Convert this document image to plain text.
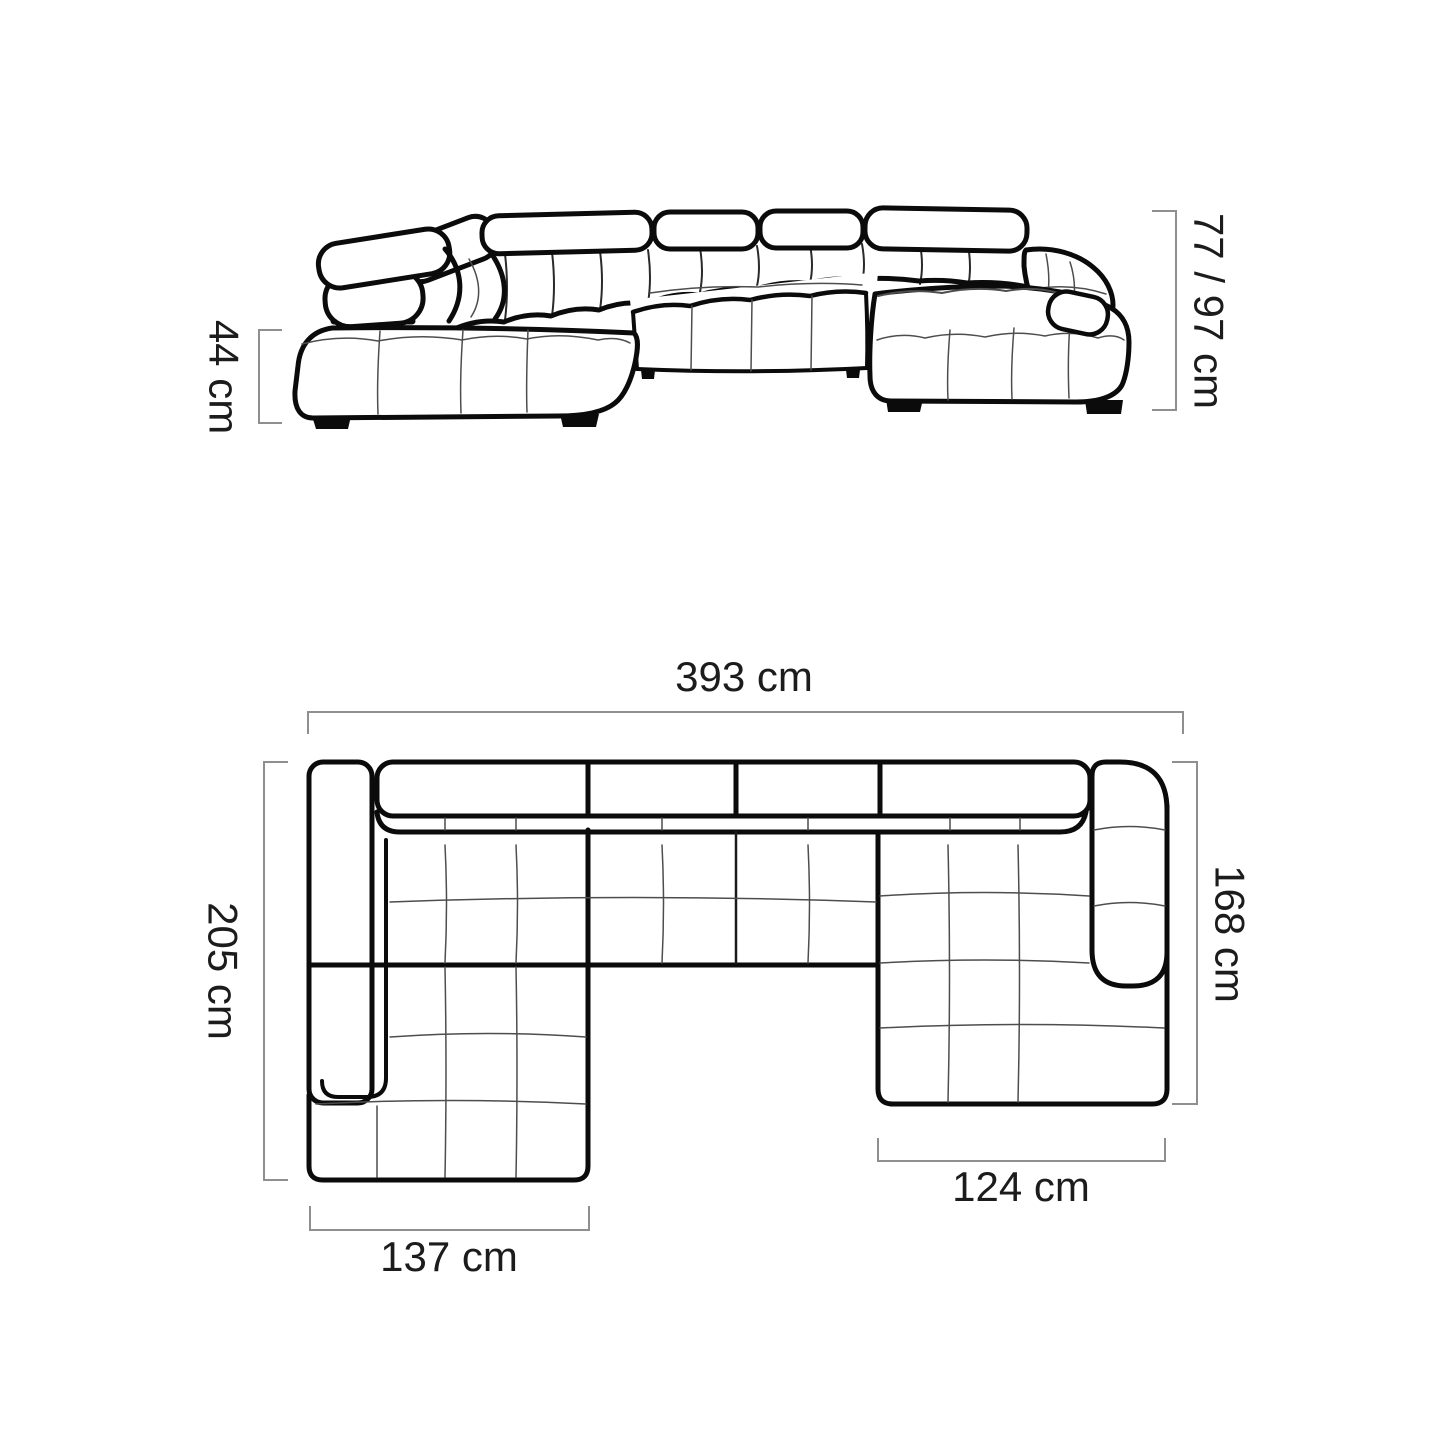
44 cm	77 / 97 cm
393 cm
205 cm	168 cm
124 cm
137 cm
